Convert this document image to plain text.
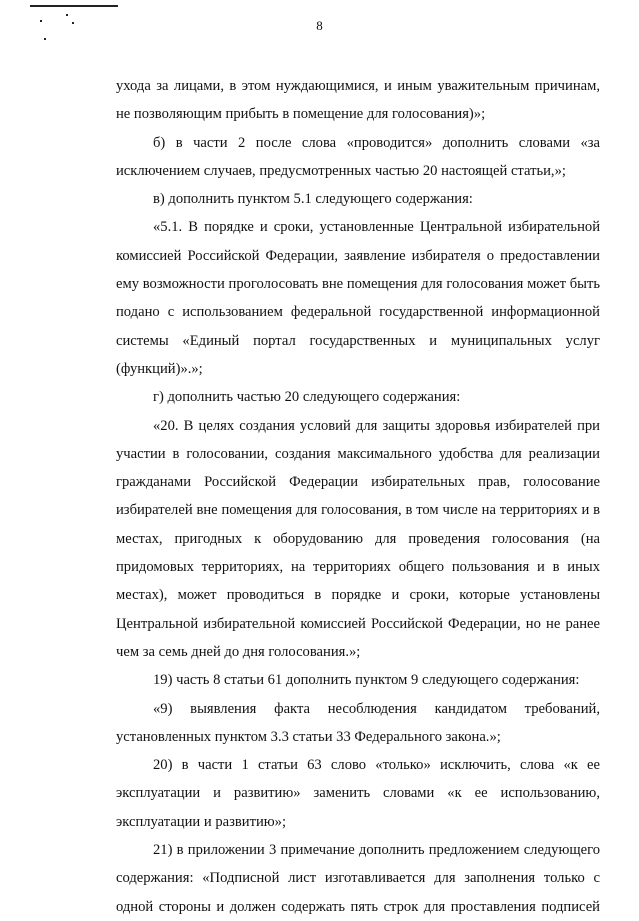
8

ухода за лицами, в этом нуждающимися, и иным уважительным причинам, не позволяющим прибыть в помещение для голосования)»;

б) в части 2 после слова «проводится» дополнить словами «за исключением случаев, предусмотренных частью 20 настоящей статьи,»;

в) дополнить пунктом 5.1 следующего содержания:

«5.1. В порядке и сроки, установленные Центральной избирательной комиссией Российской Федерации, заявление избирателя о предоставлении ему возможности проголосовать вне помещения для голосования может быть подано с использованием федеральной государственной информационной системы «Единый портал государственных и муниципальных услуг (функций)».»;

г) дополнить частью 20 следующего содержания:

«20. В целях создания условий для защиты здоровья избирателей при участии в голосовании, создания максимального удобства для реализации гражданами Российской Федерации избирательных прав, голосование избирателей вне помещения для голосования, в том числе на территориях и в местах, пригодных к оборудованию для проведения голосования (на придомовых территориях, на территориях общего пользования и в иных местах), может проводиться в порядке и сроки, которые установлены Центральной избирательной комиссией Российской Федерации, но не ранее чем за семь дней до дня голосования.»;

19) часть 8 статьи 61 дополнить пунктом 9 следующего содержания:

«9) выявления факта несоблюдения кандидатом требований, установленных пунктом 3.3 статьи 33 Федерального закона.»;

20) в части 1 статьи 63 слово «только» исключить, слова «к ее эксплуатации и развитию» заменить словами «к ее использованию, эксплуатации и развитию»;

21) в приложении 3 примечание дополнить предложением следующего содержания: «Подписной лист изготавливается для заполнения только с одной стороны и должен содержать пять строк для проставления подписей
